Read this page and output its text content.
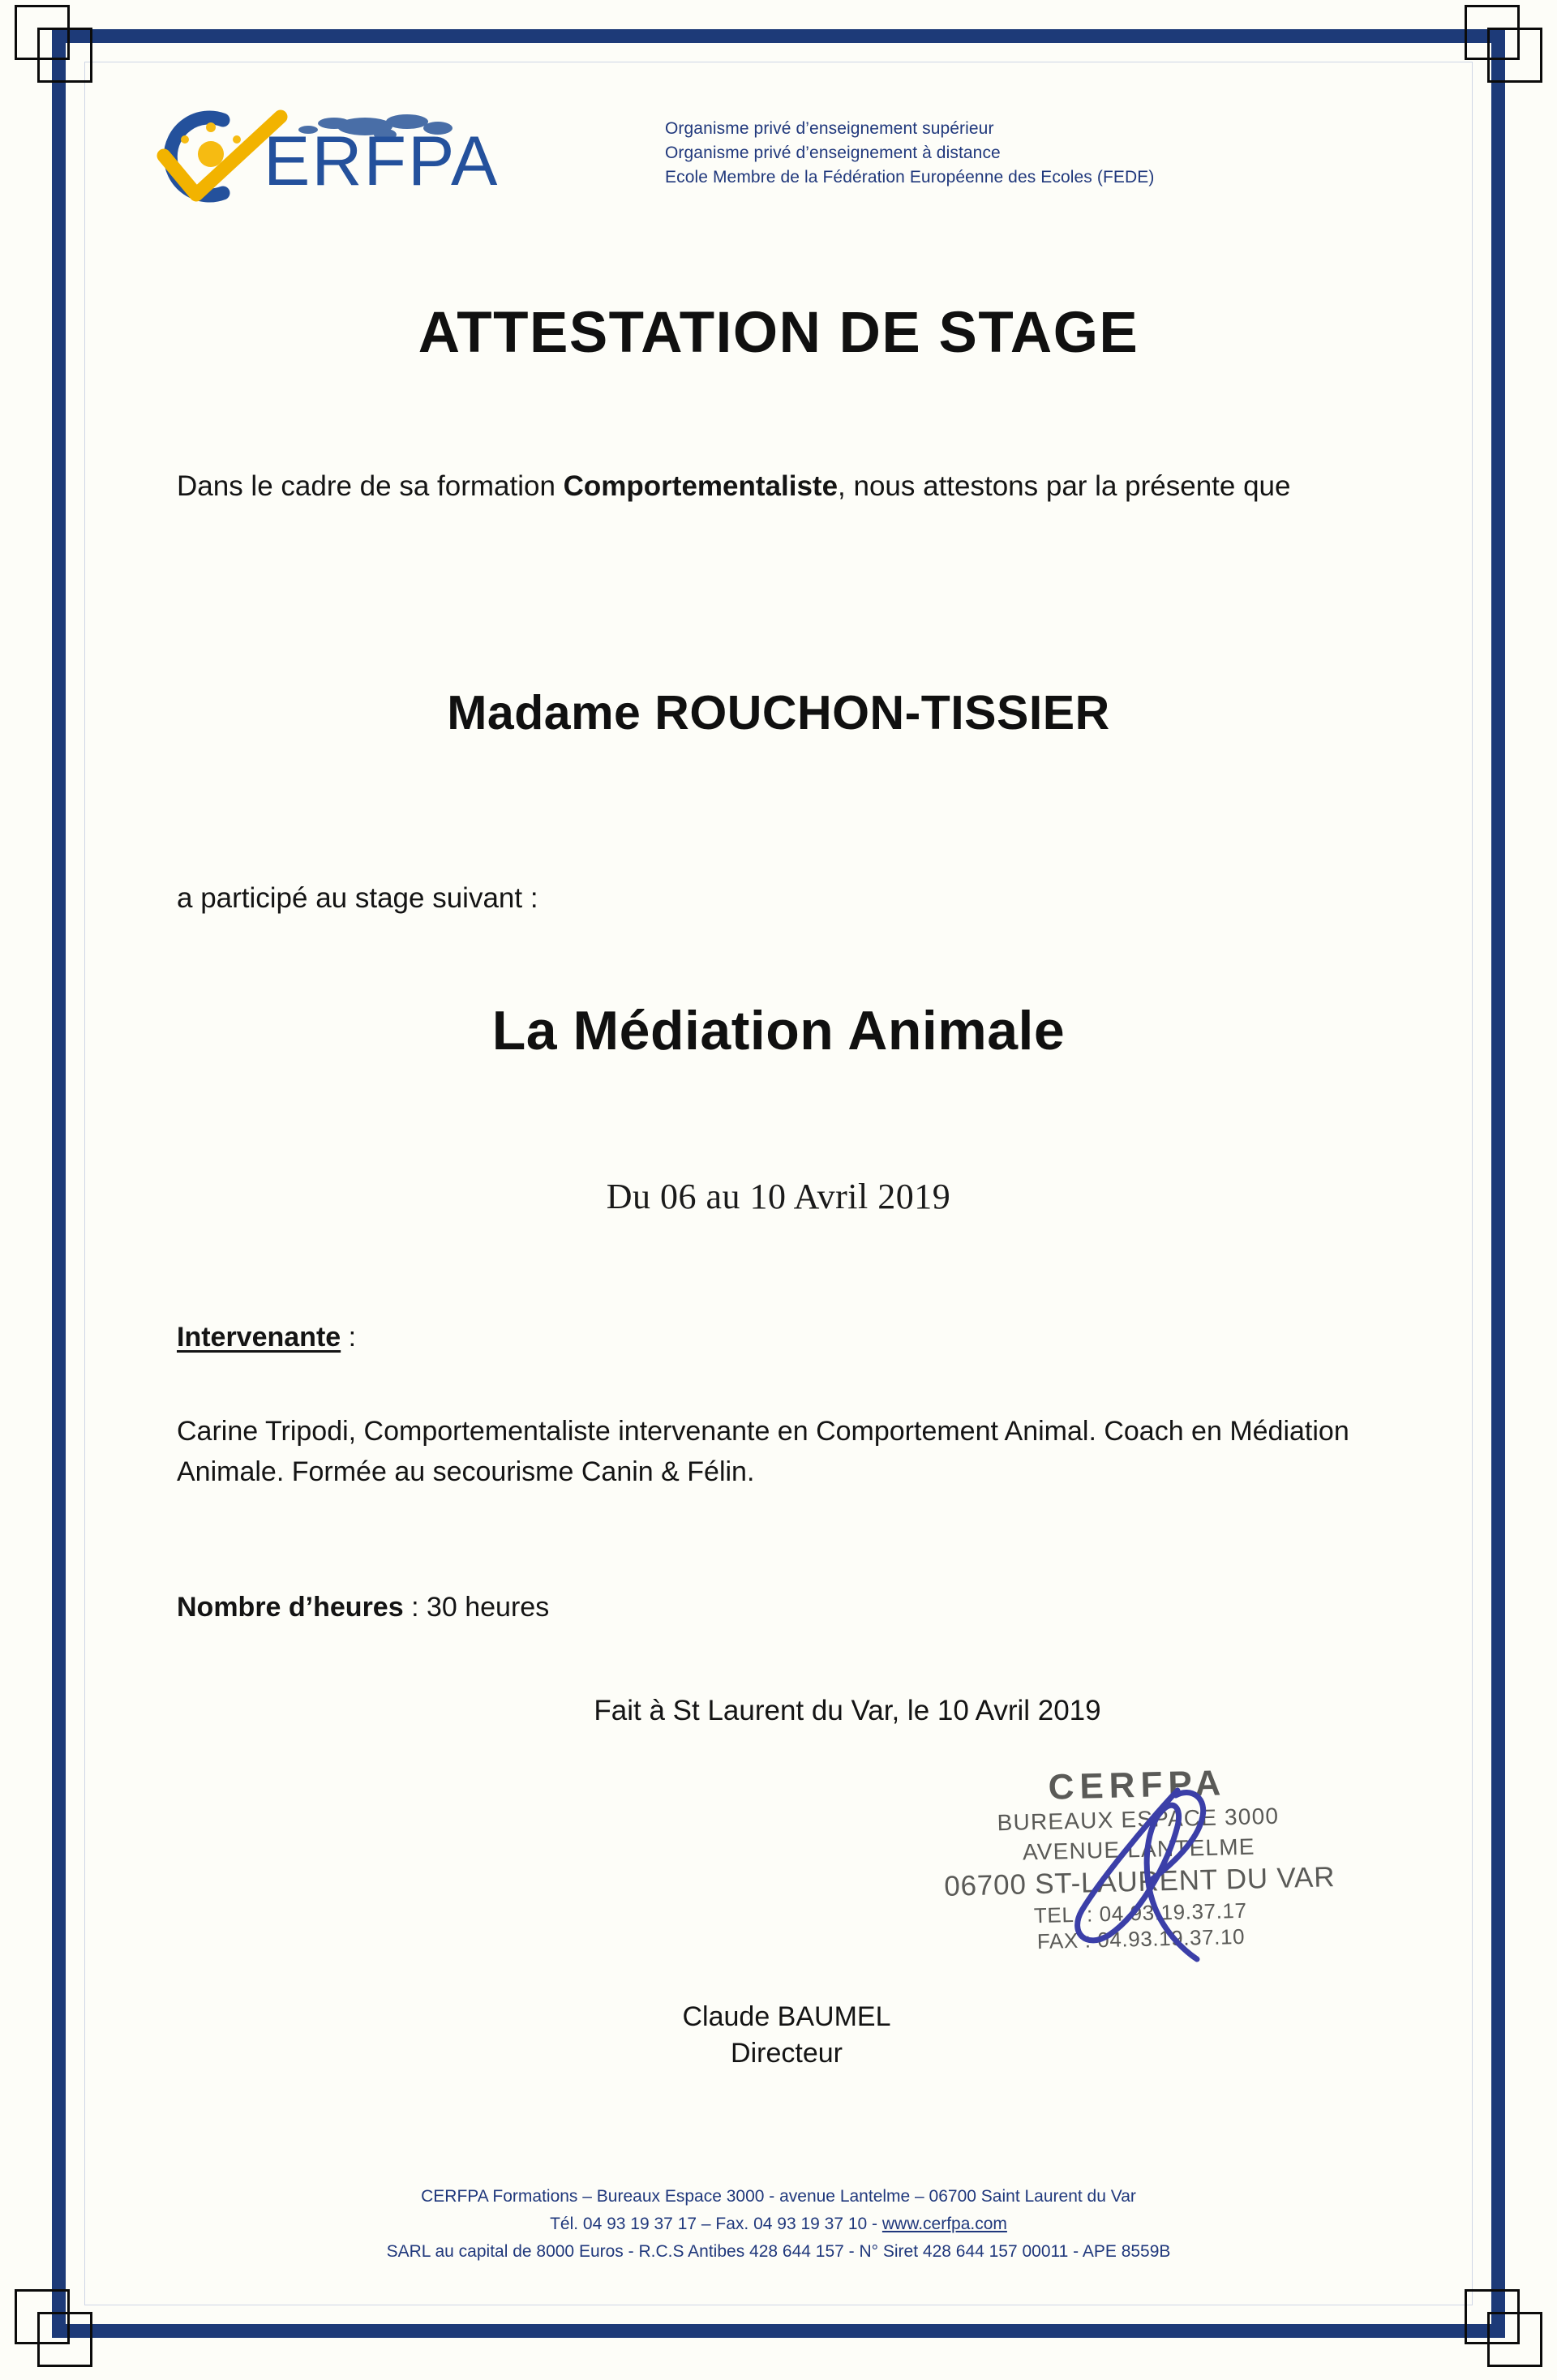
ERFPA	Organisme privé d’enseignement supérieur
Organisme privé d’enseignement à distance
Ecole Membre de la Fédération Européenne des Ecoles (FEDE)
ATTESTATION DE STAGE
Dans le cadre de sa formation Comportementaliste, nous attestons par la présente que
Madame ROUCHON-TISSIER
a participé au stage suivant :
La Médiation Animale
Du 06 au 10 Avril 2019
Intervenante :
Carine Tripodi, Comportementaliste intervenante en Comportement Animal. Coach en Médiation Animale. Formée au secourisme Canin & Félin.
Nombre d’heures : 30 heures
Fait à St Laurent du Var, le 10 Avril 2019
CERFPA
BUREAUX ESPACE 3000
AVENUE LANTELME
06700 ST-LAURENT DU VAR
TEL. : 04.93.19.37.17
FAX : 04.93.19.37.10
Claude BAUMEL
Directeur
CERFPA Formations – Bureaux Espace 3000 - avenue Lantelme – 06700 Saint Laurent du Var
Tél. 04 93 19 37 17 – Fax. 04 93 19 37 10 - www.cerfpa.com
SARL au capital de 8000 Euros - R.C.S Antibes 428 644 157 - N° Siret 428 644 157 00011 - APE 8559B
